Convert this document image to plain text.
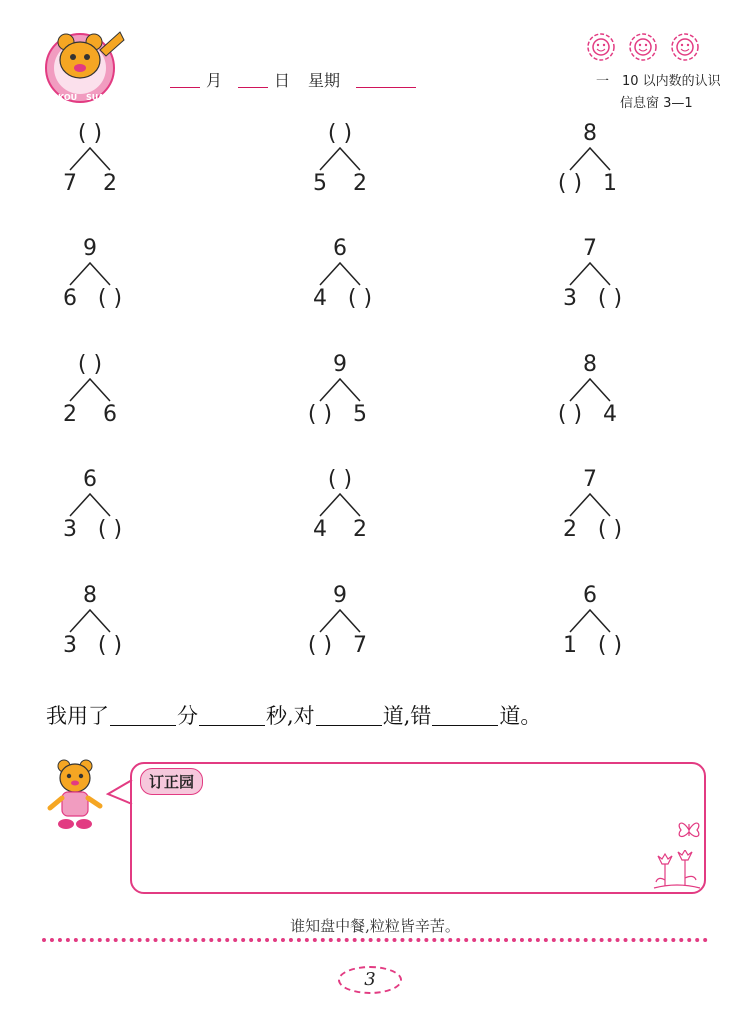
KOU SUAN
月	日 星期	一　10 以内数的认识
信息窗 3—1
( )
7	2
( )
5	2
8
( ) 1
9
6 ( )
6
4 ( )
7
3 ( )
( )
2	6
9
( ) 5
8
( ) 4
6
3 ( )
( )
4	2
7
2 ( )
8
3 ( )
9
( ) 7
6
1 ( )
我用了	分	秒,对	道,错	道。
订正园
谁知盘中餐,粒粒皆辛苦。
3
